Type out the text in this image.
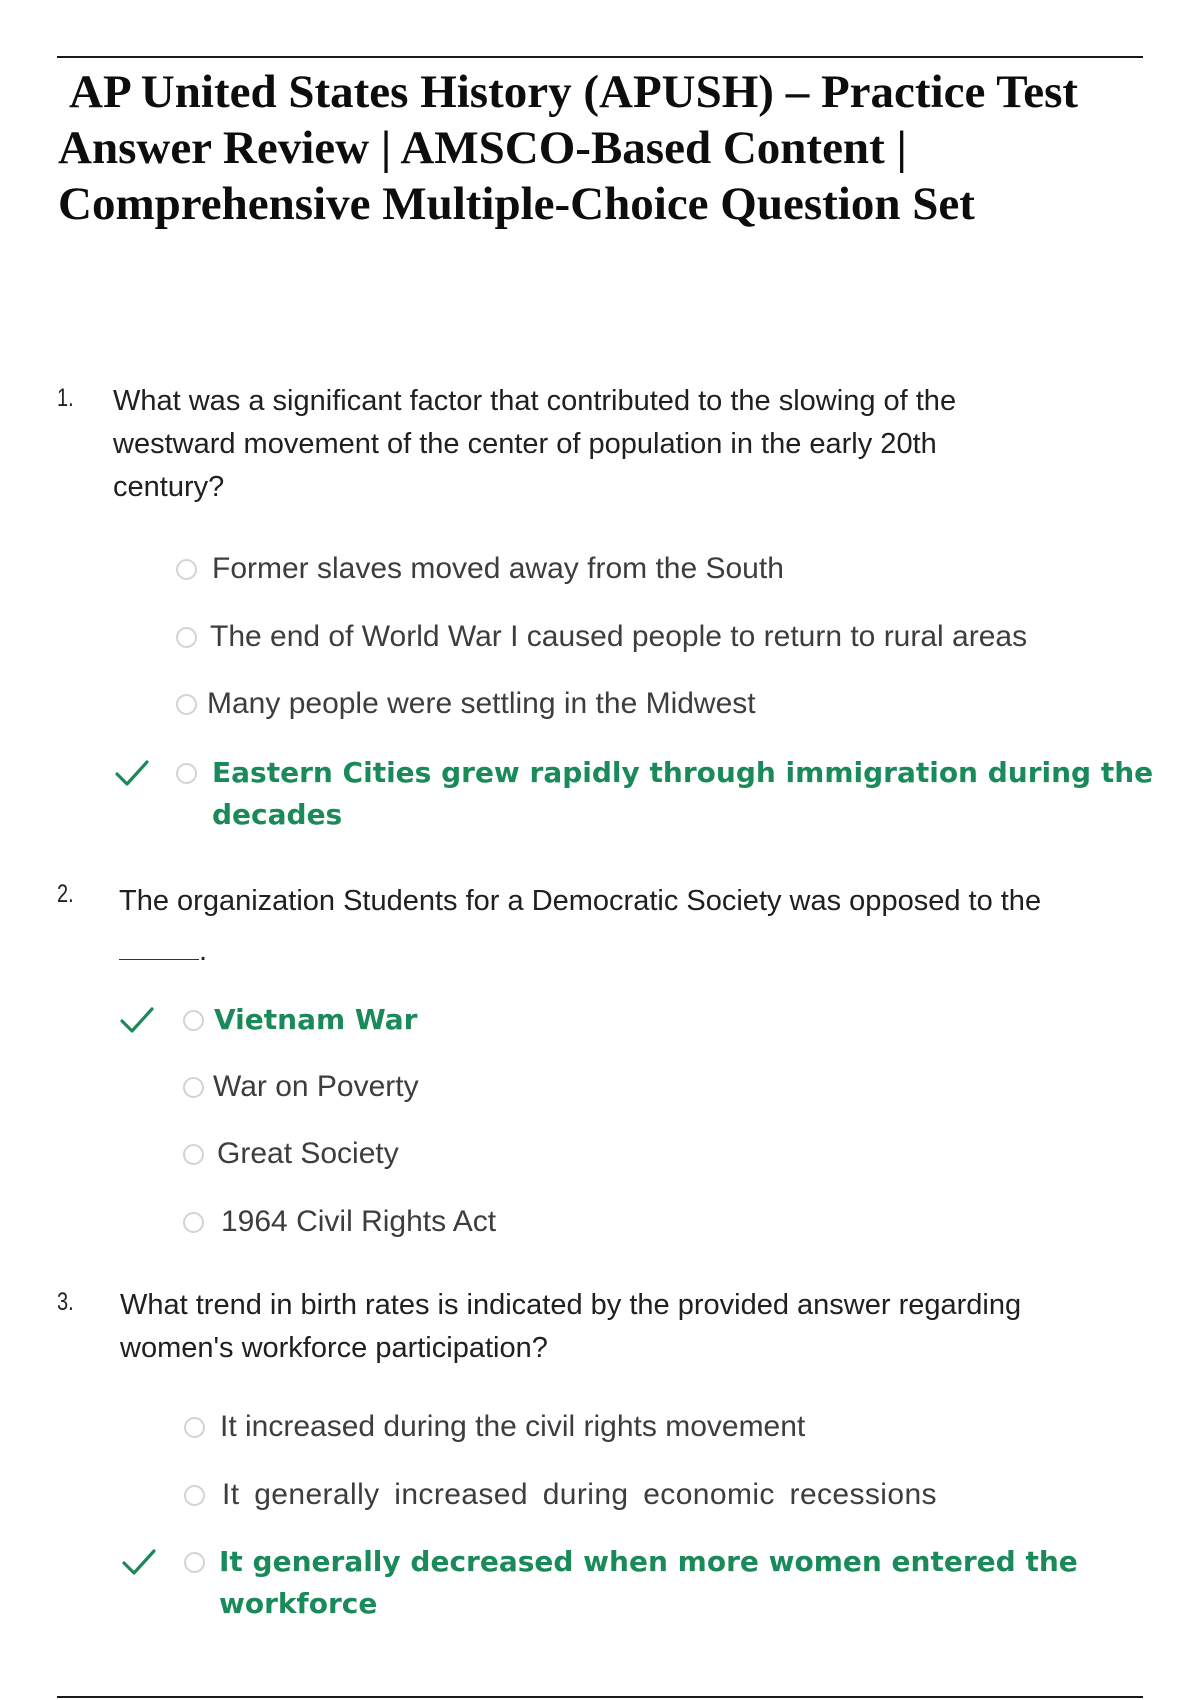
AP United States History (APUSH) – Practice Test
Answer Review | AMSCO-Based Content |
Comprehensive Multiple-Choice Question Set
1. What was a significant factor that contributed to the slowing of the
westward movement of the center of population in the early 20th
century?

Former slaves moved away from the South
The end of World War I caused people to return to rural areas
Many people were settling in the Midwest
Eastern Cities grew rapidly through immigration during the
decades
2. The organization Students for a Democratic Society was opposed to the
.

Vietnam War
War on Poverty
Great Society
1964 Civil Rights Act
3. What trend in birth rates is indicated by the provided answer regarding
women's workforce participation?

It increased during the civil rights movement
It generally increased during economic recessions
It generally decreased when more women entered the
workforce
